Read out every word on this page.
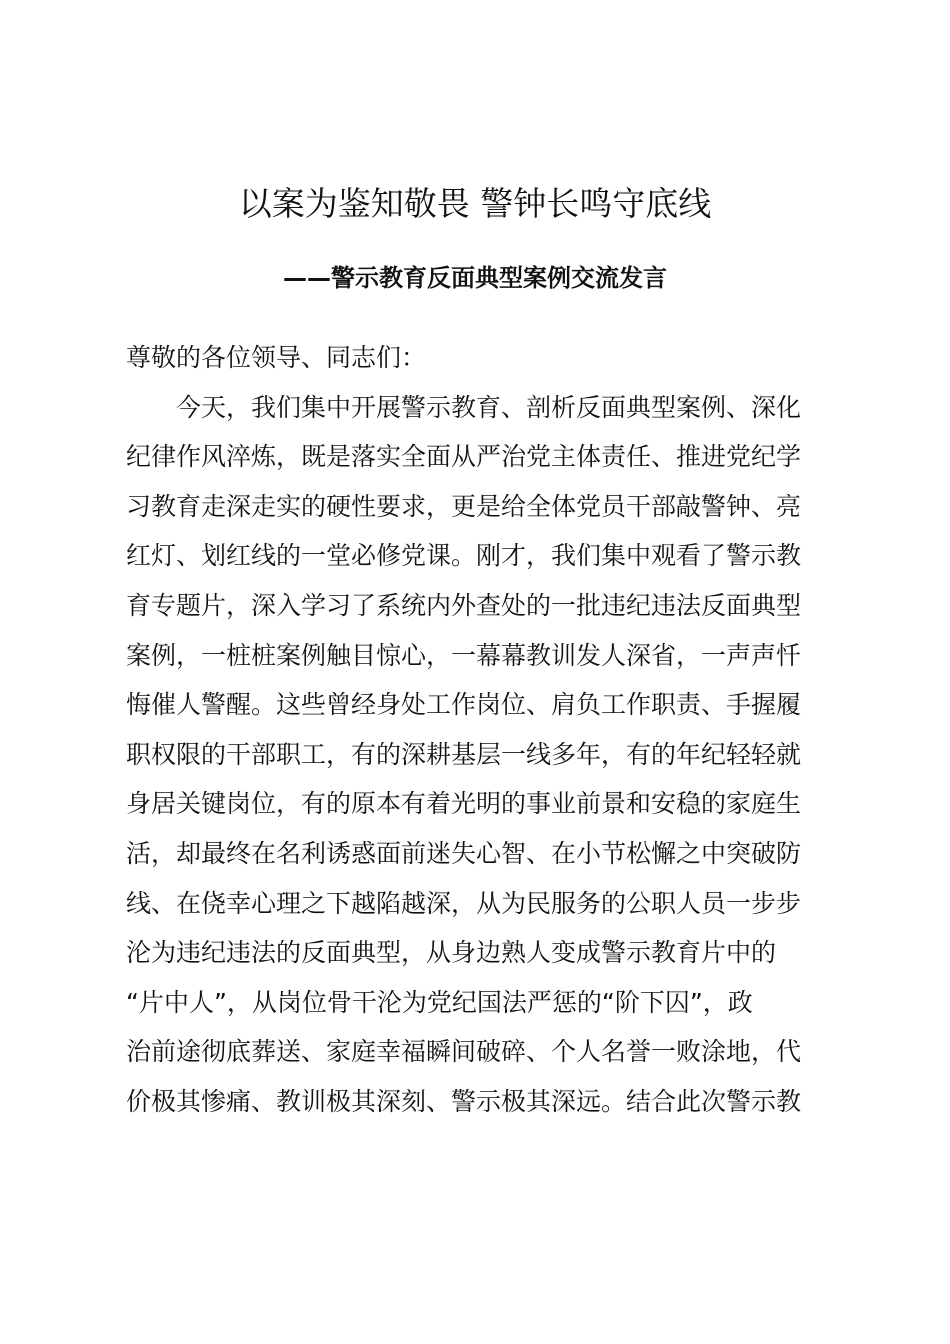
以案为鉴知敬畏 警钟长鸣守底线
——警示教育反面典型案例交流发言
尊敬的各位领导、同志们：
今天，我们集中开展警示教育、剖析反面典型案例、深化
纪律作风淬炼，既是落实全面从严治党主体责任、推进党纪学
习教育走深走实的硬性要求，更是给全体党员干部敲警钟、亮
红灯、划红线的一堂必修党课。刚才，我们集中观看了警示教
育专题片，深入学习了系统内外查处的一批违纪违法反面典型
案例，一桩桩案例触目惊心，一幕幕教训发人深省，一声声忏
悔催人警醒。这些曾经身处工作岗位、肩负工作职责、手握履
职权限的干部职工，有的深耕基层一线多年，有的年纪轻轻就
身居关键岗位，有的原本有着光明的事业前景和安稳的家庭生
活，却最终在名利诱惑面前迷失心智、在小节松懈之中突破防
线、在侥幸心理之下越陷越深，从为民服务的公职人员一步步
沦为违纪违法的反面典型，从身边熟人变成警示教育片中的
“片中人”，从岗位骨干沦为党纪国法严惩的“阶下囚”，政
治前途彻底葬送、家庭幸福瞬间破碎、个人名誉一败涂地，代
价极其惨痛、教训极其深刻、警示极其深远。结合此次警示教
